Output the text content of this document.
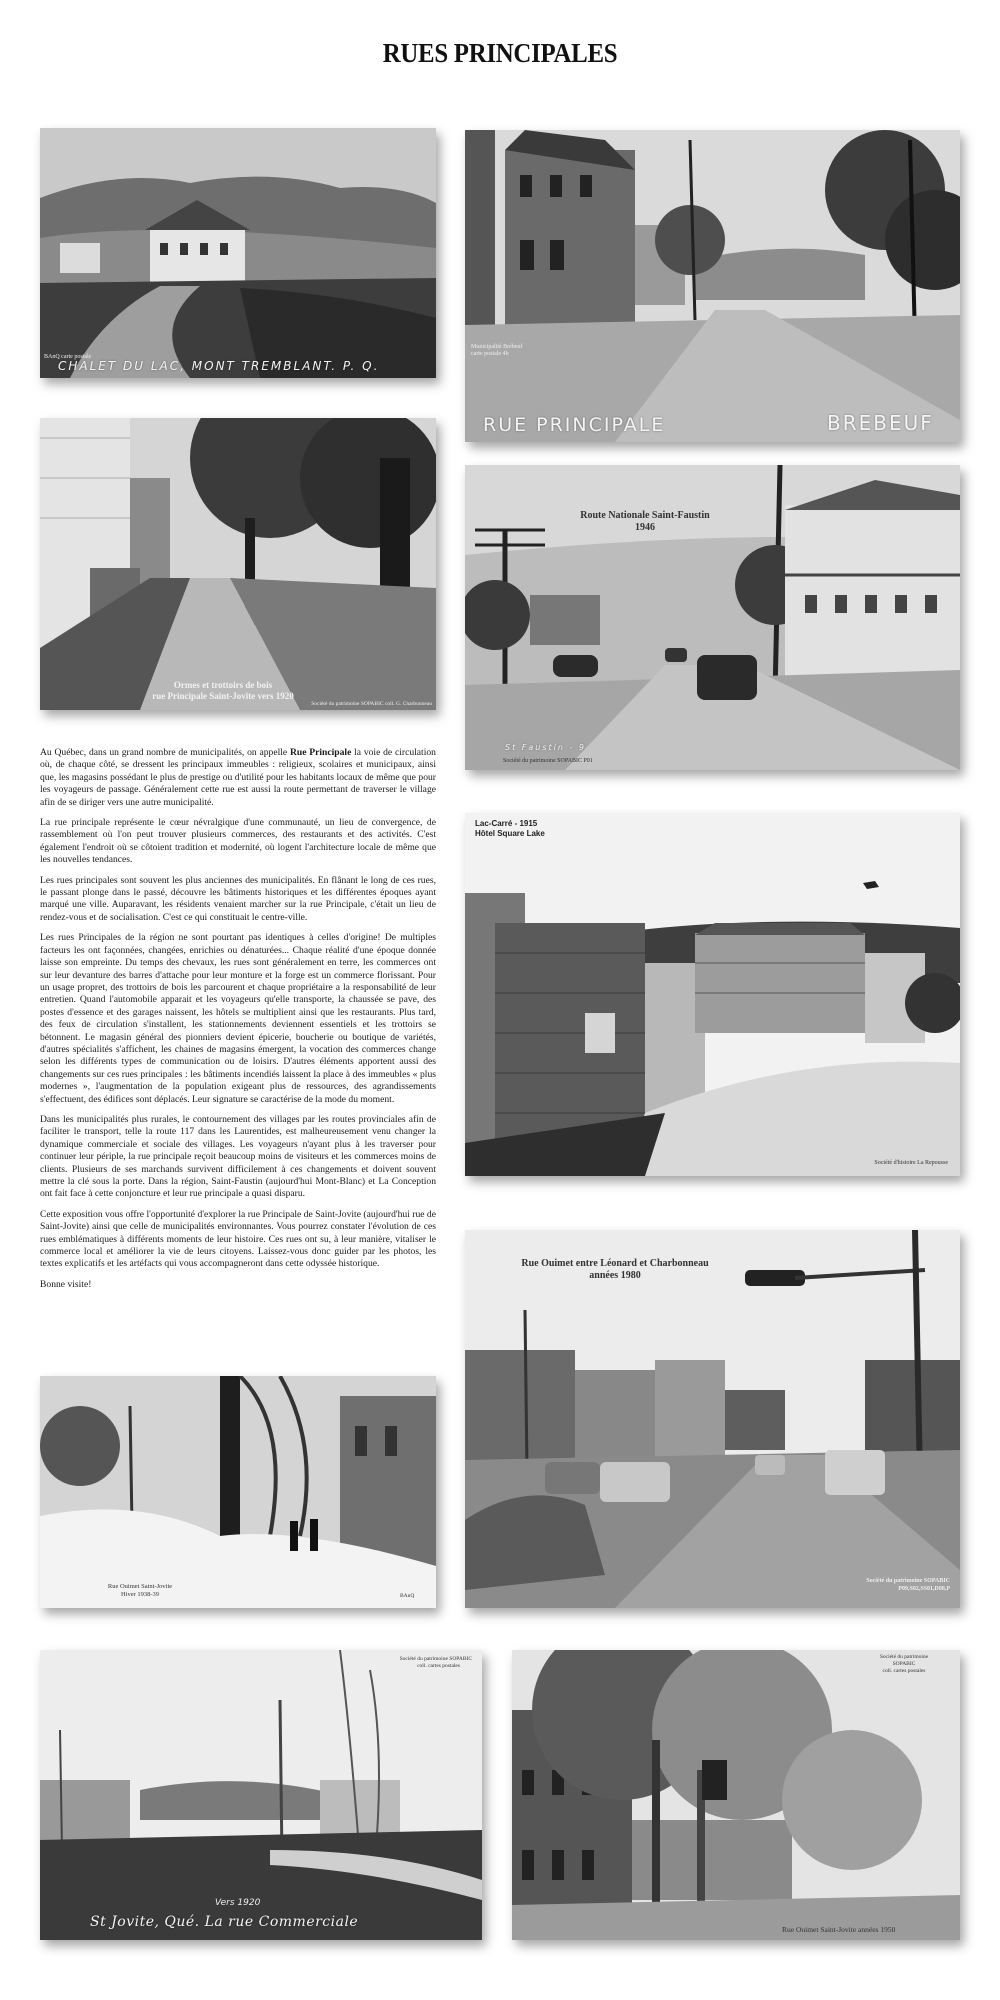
RUES PRINCIPALES
BAnQ carte postale
CHALET DU LAC, MONT TREMBLANT. P. Q.
Municipalité Brébeuf
carte postale 4b
RUE PRINCIPALE	BREBEUF
Ormes et trottoirs de bois
rue Principale Saint-Jovite vers 1920
Société du patrimoine SOPABIC coll. G. Charbonneau
Route Nationale Saint-Faustin
1946
St Faustin - 9
Société du patrimoine SOPABIC P01
Lac-Carré - 1915
Hôtel Square Lake
Société d'histoire La Repousse

Au Québec, dans un grand nombre de municipalités, on appelle Rue Principale la voie de circulation où, de chaque côté, se dressent les principaux immeubles : religieux, scolaires et municipaux, ainsi que, les magasins possédant le plus de prestige ou d'utilité pour les habitants locaux de même que pour les voyageurs de passage. Généralement cette rue est aussi la route permettant de traverser le village afin de se diriger vers une autre municipalité.

La rue principale représente le cœur névralgique d'une communauté, un lieu de convergence, de rassemblement où l'on peut trouver plusieurs commerces, des restaurants et des activités. C'est également l'endroit où se côtoient tradition et modernité, où logent l'architecture locale de même que les nouvelles tendances.

Les rues principales sont souvent les plus anciennes des municipalités. En flânant le long de ces rues, le passant plonge dans le passé, découvre les bâtiments historiques et les différentes époques ayant marqué une ville. Auparavant, les résidents venaient marcher sur la rue Principale, c'était un lieu de rendez-vous et de socialisation. C'est ce qui constituait le centre-ville.

Les rues Principales de la région ne sont pourtant pas identiques à celles d'origine! De multiples facteurs les ont façonnées, changées, enrichies ou dénaturées... Chaque réalité d'une époque donnée laisse son empreinte. Du temps des chevaux, les rues sont généralement en terre, les commerces ont sur leur devanture des barres d'attache pour leur monture et la forge est un commerce florissant. Pour un usage propret, des trottoirs de bois les parcourent et chaque propriétaire a la responsabilité de leur entretien. Quand l'automobile apparait et les voyageurs qu'elle transporte, la chaussée se pave, des postes d'essence et des garages naissent, les hôtels se multiplient ainsi que les restaurants. Plus tard, des feux de circulation s'installent, les stationnements deviennent essentiels et les trottoirs se bétonnent. Le magasin général des pionniers devient épicerie, boucherie ou boutique de variétés, d'autres spécialités s'affichent, les chaines de magasins émergent, la vocation des commerces change selon les différents types de communication ou de loisirs. D'autres éléments apportent aussi des changements sur ces rues principales : les bâtiments incendiés laissent la place à des immeubles « plus modernes », l'augmentation de la population exigeant plus de ressources, des agrandissements s'effectuent, des édifices sont déplacés. Leur signature se caractérise de la mode du moment.

Dans les municipalités plus rurales, le contournement des villages par les routes provinciales afin de faciliter le transport, telle la route 117 dans les Laurentides, est malheureusement venu changer la dynamique commerciale et sociale des villages. Les voyageurs n'ayant plus à les traverser pour continuer leur périple, la rue principale reçoit beaucoup moins de visiteurs et les commerces moins de clients. Plusieurs de ses marchands survivent difficilement à ces changements et doivent souvent mettre la clé sous la porte. Dans la région, Saint-Faustin (aujourd'hui Mont-Blanc) et La Conception ont fait face à cette conjoncture et leur rue principale a quasi disparu.

Cette exposition vous offre l'opportunité d'explorer la rue Principale de Saint-Jovite (aujourd'hui rue de Saint-Jovite) ainsi que celle de municipalités environnantes. Vous pourrez constater l'évolution de ces rues emblématiques à différents moments de leur histoire. Ces rues ont su, à leur manière, vitaliser le commerce local et améliorer la vie de leurs citoyens. Laissez-vous donc guider par les photos, les textes explicatifs et les artéfacts qui vous accompagneront dans cette odyssée historique.

Bonne visite!

Rue Ouimet entre Léonard et Charbonneau
années 1980
Société du patrimoine SOPABIC
P09,S02,SS01,D08,P
Rue Ouimet Saint-Jovite
Hiver 1938-39	BAnQ
Société du patrimoine SOPABIC
coll. cartes postales
Vers 1920
St Jovite, Qué. La rue Commerciale
Société du patrimoine
SOPABIC
coll. cartes postales
Rue Ouimet Saint-Jovite années 1950
